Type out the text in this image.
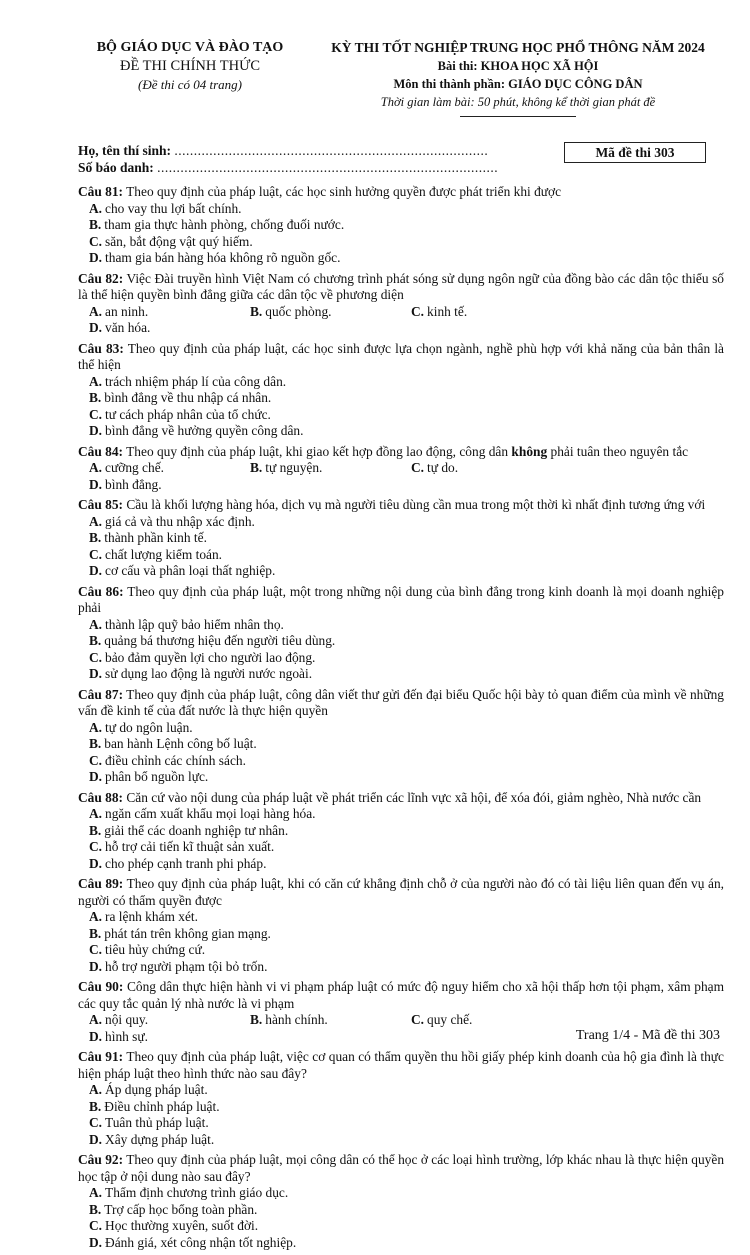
BỘ GIÁO DỤC VÀ ĐÀO TẠO
ĐỀ THI CHÍNH THỨC
(Đề thi có 04 trang)
KỲ THI TỐT NGHIỆP TRUNG HỌC PHỔ THÔNG NĂM 2024
Bài thi: KHOA HỌC XÃ HỘI
Môn thi thành phần: GIÁO DỤC CÔNG DÂN
Thời gian làm bài: 50 phút, không kể thời gian phát đề
Họ, tên thí sinh: .................................................................................
Số báo danh: ........................................................................................
Mã đề thi 303
Câu 81: Theo quy định của pháp luật, các học sinh hưởng quyền được phát triển khi được
A. cho vay thu lợi bất chính.
B. tham gia thực hành phòng, chống đuối nước.
C. săn, bắt động vật quý hiếm.
D. tham gia bán hàng hóa không rõ nguồn gốc.
Câu 82: Việc Đài truyền hình Việt Nam có chương trình phát sóng sử dụng ngôn ngữ của đồng bào các dân tộc thiểu số là thể hiện quyền bình đẳng giữa các dân tộc về phương diện
A. an ninh.	B. quốc phòng.	C. kinh tế.
D. văn hóa.
Câu 83: Theo quy định của pháp luật, các học sinh được lựa chọn ngành, nghề phù hợp với khả năng của bản thân là thể hiện
A. trách nhiệm pháp lí của công dân.
B. bình đẳng về thu nhập cá nhân.
C. tư cách pháp nhân của tổ chức.
D. bình đẳng về hưởng quyền công dân.
Câu 84: Theo quy định của pháp luật, khi giao kết hợp đồng lao động, công dân không phải tuân theo nguyên tắc
A. cưỡng chế.	B. tự nguyện.	C. tự do.
D. bình đẳng.
Câu 85: Cầu là khối lượng hàng hóa, dịch vụ mà người tiêu dùng cần mua trong một thời kì nhất định tương ứng với
A. giá cả và thu nhập xác định.
B. thành phần kinh tế.
C. chất lượng kiểm toán.
D. cơ cấu và phân loại thất nghiệp.
Câu 86: Theo quy định của pháp luật, một trong những nội dung của bình đẳng trong kinh doanh là mọi doanh nghiệp phải
A. thành lập quỹ bảo hiểm nhân thọ.
B. quảng bá thương hiệu đến người tiêu dùng.
C. bảo đảm quyền lợi cho người lao động.
D. sử dụng lao động là người nước ngoài.
Câu 87: Theo quy định của pháp luật, công dân viết thư gửi đến đại biểu Quốc hội bày tỏ quan điểm của mình về những vấn đề kinh tế của đất nước là thực hiện quyền
A. tự do ngôn luận.
B. ban hành Lệnh công bố luật.
C. điều chỉnh các chính sách.
D. phân bổ nguồn lực.
Câu 88: Căn cứ vào nội dung của pháp luật về phát triển các lĩnh vực xã hội, để xóa đói, giảm nghèo, Nhà nước cần
A. ngăn cấm xuất khẩu mọi loại hàng hóa.
B. giải thể các doanh nghiệp tư nhân.
C. hỗ trợ cải tiến kĩ thuật sản xuất.
D. cho phép cạnh tranh phi pháp.
Câu 89: Theo quy định của pháp luật, khi có căn cứ khẳng định chỗ ở của người nào đó có tài liệu liên quan đến vụ án, người có thẩm quyền được
A. ra lệnh khám xét.
B. phát tán trên không gian mạng.
C. tiêu hủy chứng cứ.
D. hỗ trợ người phạm tội bỏ trốn.
Câu 90: Công dân thực hiện hành vi vi phạm pháp luật có mức độ nguy hiểm cho xã hội thấp hơn tội phạm, xâm phạm các quy tắc quản lý nhà nước là vi phạm
A. nội quy.	B. hành chính.	C. quy chế.
D. hình sự.
Câu 91: Theo quy định của pháp luật, việc cơ quan có thẩm quyền thu hồi giấy phép kinh doanh của hộ gia đình là thực hiện pháp luật theo hình thức nào sau đây?
A. Áp dụng pháp luật.
B. Điều chỉnh pháp luật.
C. Tuân thủ pháp luật.
D. Xây dựng pháp luật.
Câu 92: Theo quy định của pháp luật, mọi công dân có thể học ở các loại hình trường, lớp khác nhau là thực hiện quyền học tập ở nội dung nào sau đây?
A. Thẩm định chương trình giáo dục.
B. Trợ cấp học bổng toàn phần.
C. Học thường xuyên, suốt đời.
D. Đánh giá, xét công nhận tốt nghiệp.
Trang 1/4 - Mã đề thi 303
